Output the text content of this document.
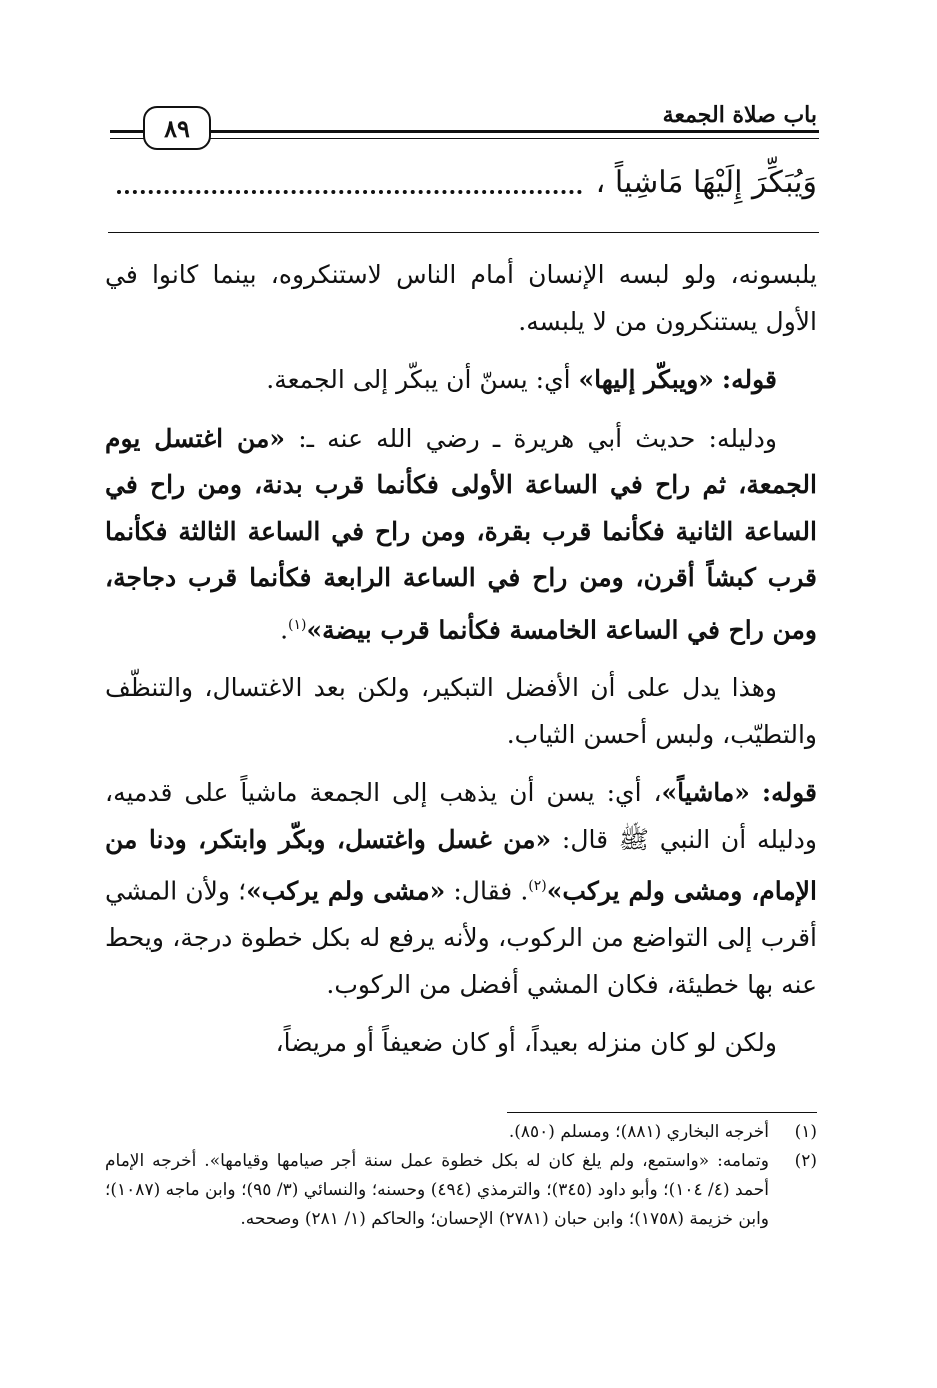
باب صلاة الجمعة
٨٩
وَيُبَكِّرَ إِلَيْهَا مَاشِياً ،

يلبسونه، ولو لبسه الإنسان أمام الناس لاستنكروه، بينما كانوا في الأول يستنكرون من لا يلبسه.

قوله: «ويبكّر إليها» أي: يسنّ أن يبكّر إلى الجمعة.

ودليله: حديث أبي هريرة ـ رضي الله عنه ـ: «من اغتسل يوم الجمعة، ثم راح في الساعة الأولى فكأنما قرب بدنة، ومن راح في الساعة الثانية فكأنما قرب بقرة، ومن راح في الساعة الثالثة فكأنما قرب كبشاً أقرن، ومن راح في الساعة الرابعة فكأنما قرب دجاجة، ومن راح في الساعة الخامسة فكأنما قرب بيضة»$^{(١)}$.

وهذا يدل على أن الأفضل التبكير، ولكن بعد الاغتسال، والتنظّف والتطيّب، ولبس أحسن الثياب.

قوله: «ماشياً»، أي: يسن أن يذهب إلى الجمعة ماشياً على قدميه، ودليله أن النبي ﷺ قال: «من غسل واغتسل، وبكّر وابتكر، ودنا من الإمام، ومشى ولم يركب»$^{(٢)}$. فقال: «مشى ولم يركب»؛ ولأن المشي أقرب إلى التواضع من الركوب، ولأنه يرفع له بكل خطوة درجة، ويحط عنه بها خطيئة، فكان المشي أفضل من الركوب.

ولكن لو كان منزله بعيداً، أو كان ضعيفاً أو مريضاً،

(١)
أخرجه البخاري (٨٨١)؛ ومسلم (٨٥٠).
(٢)
وتمامه: «واستمع، ولم يلغ كان له بكل خطوة عمل سنة أجر صيامها وقيامها». أخرجه الإمام أحمد (٤/ ١٠٤)؛ وأبو داود (٣٤٥)؛ والترمذي (٤٩٤) وحسنه؛ والنسائي (٣/ ٩٥)؛ وابن ماجه (١٠٨٧)؛ وابن خزيمة (١٧٥٨)؛ وابن حبان (٢٧٨١) الإحسان؛ والحاكم (١/ ٢٨١) وصححه.
